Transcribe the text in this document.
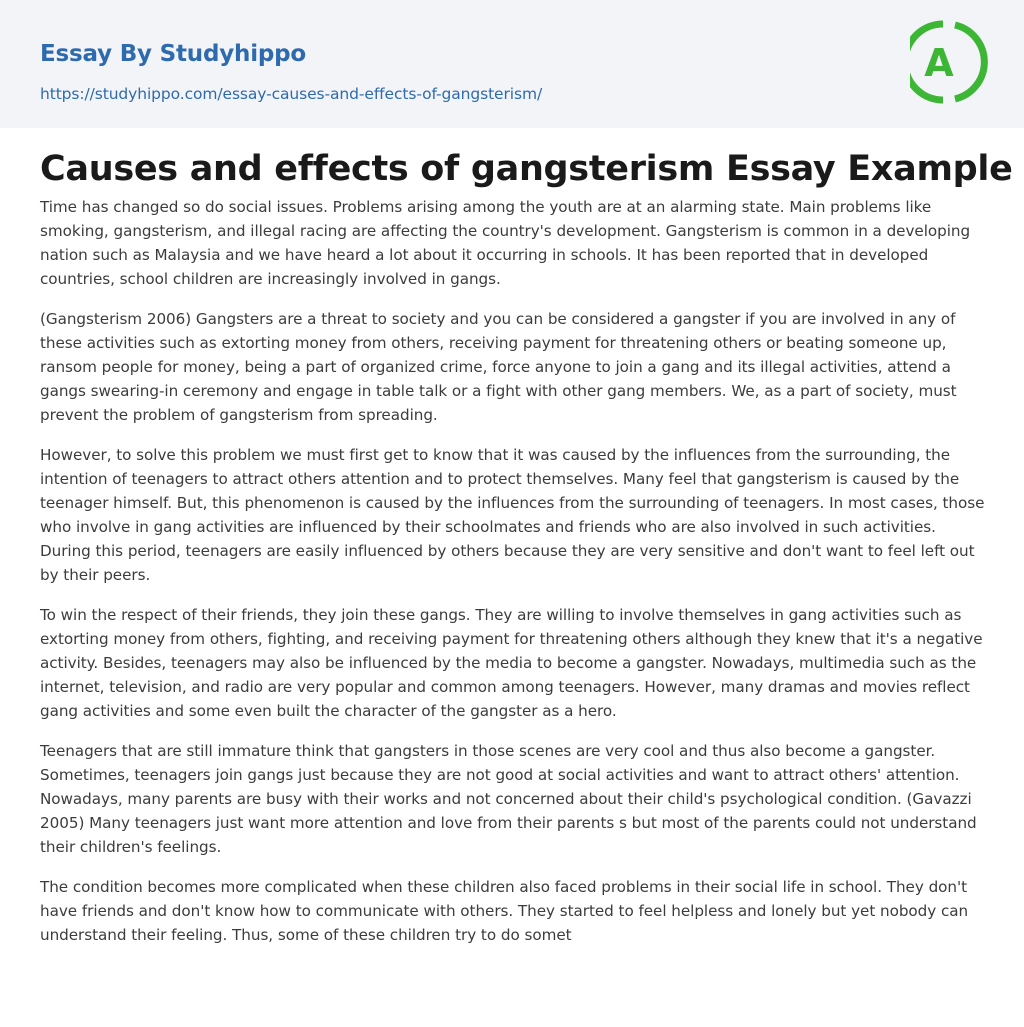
Essay By Studyhippo
https://studyhippo.com/essay-causes-and-effects-of-gangsterism/
A
Causes and effects of gangsterism Essay Example

Time has changed so do social issues. Problems arising among the youth are at an alarming state. Main problems like smoking, gangsterism, and illegal racing are affecting the country's development. Gangsterism is common in a developing nation such as Malaysia and we have heard a lot about it occurring in schools. It has been reported that in developed countries, school children are increasingly involved in gangs.

(Gangsterism 2006) Gangsters are a threat to society and you can be considered a gangster if you are involved in any of these activities such as extorting money from others, receiving payment for threatening others or beating someone up, ransom people for money, being a part of organized crime, force anyone to join a gang and its illegal activities, attend a gangs swearing-in ceremony and engage in table talk or a fight with other gang members. We, as a part of society, must prevent the problem of gangsterism from spreading.

However, to solve this problem we must first get to know that it was caused by the influences from the surrounding, the intention of teenagers to attract others attention and to protect themselves. Many feel that gangsterism is caused by the teenager himself. But, this phenomenon is caused by the influences from the surrounding of teenagers. In most cases, those who involve in gang activities are influenced by their schoolmates and friends who are also involved in such activities. During this period, teenagers are easily influenced by others because they are very sensitive and don't want to feel left out by their peers.

To win the respect of their friends, they join these gangs. They are willing to involve themselves in gang activities such as extorting money from others, fighting, and receiving payment for threatening others although they knew that it's a negative activity. Besides, teenagers may also be influenced by the media to become a gangster. Nowadays, multimedia such as the internet, television, and radio are very popular and common among teenagers. However, many dramas and movies reflect gang activities and some even built the character of the gangster as a hero.

Teenagers that are still immature think that gangsters in those scenes are very cool and thus also become a gangster. Sometimes, teenagers join gangs just because they are not good at social activities and want to attract others' attention. Nowadays, many parents are busy with their works and not concerned about their child's psychological condition. (Gavazzi 2005) Many teenagers just want more attention and love from their parents s but most of the parents could not understand their children's feelings.

The condition becomes more complicated when these children also faced problems in their social life in school. They don't have friends and don't know how to communicate with others. They started to feel helpless and lonely but yet nobody can understand their feeling. Thus, some of these children try to do somet
